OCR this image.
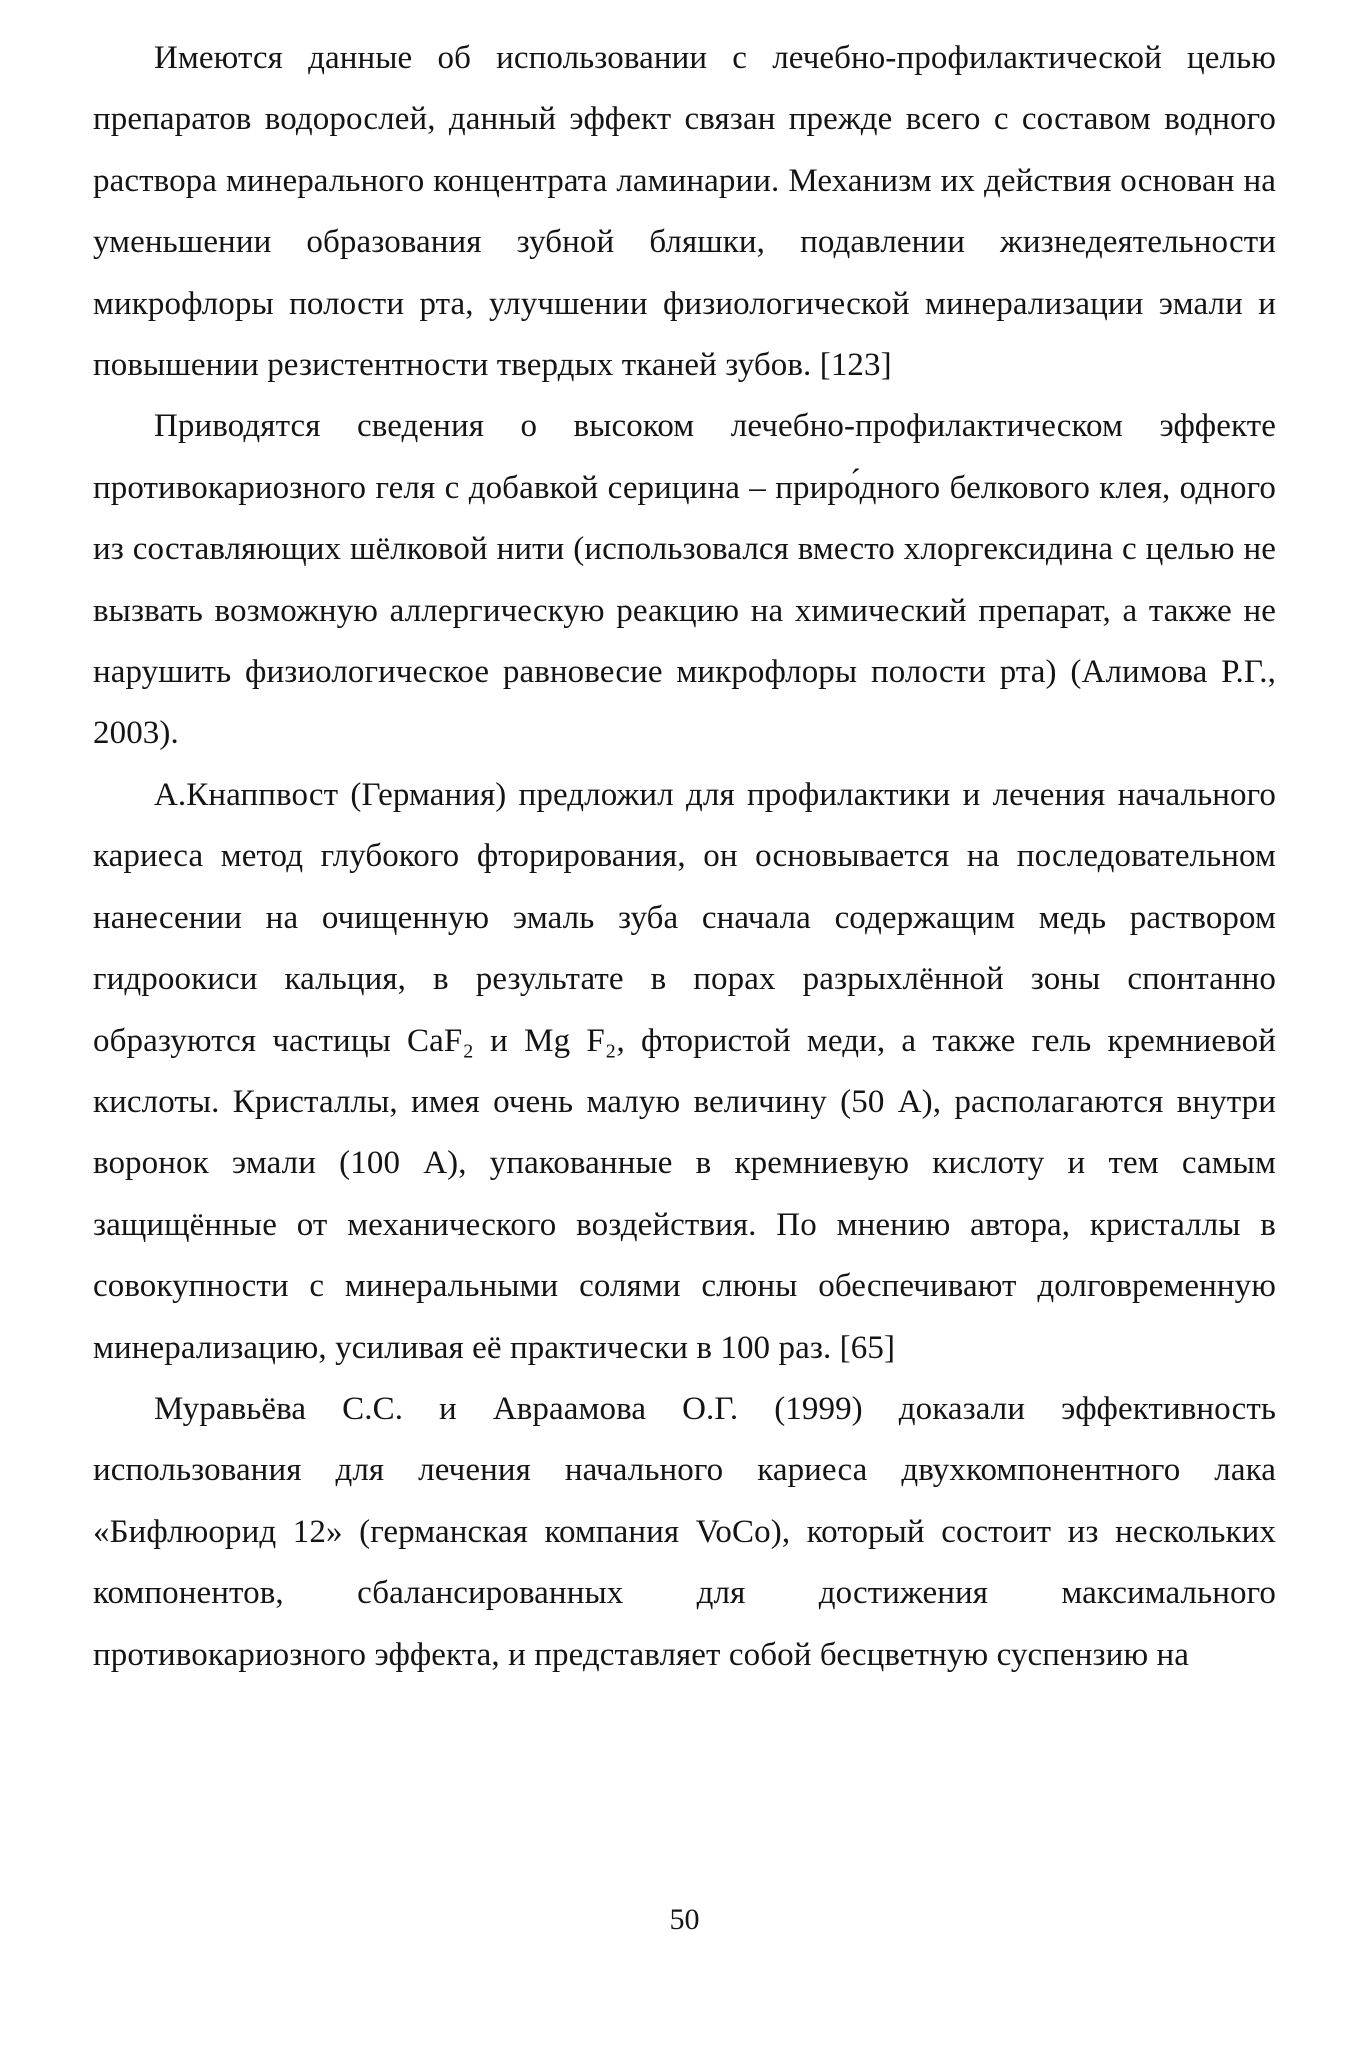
Имеются данные об использовании с лечебно-профилактической целью препаратов водорослей, данный эффект связан прежде всего с составом водного раствора минерального концентрата ламинарии. Механизм их действия основан на уменьшении образования зубной бляшки, подавлении жизнедеятельности микрофлоры полости рта, улучшении физиологической минерализации эмали и повышении резистентности твердых тканей зубов. [123]

Приводятся сведения о высоком лечебно-профилактическом эффекте противокариозного геля с добавкой серицина – приро́дного белкового клея, одного из составляющих шёлковой нити (использовался вместо хлоргексидина с целью не вызвать возможную аллергическую реакцию на химический препарат, а также не нарушить физиологическое равновесие микрофлоры полости рта) (Алимова Р.Г., 2003).

А.Кнаппвост (Германия) предложил для профилактики и лечения начального кариеса метод глубокого фторирования, он основывается на последовательном нанесении на очищенную эмаль зуба сначала содержащим медь раствором гидроокиси кальция, в результате в порах разрыхлённой зоны спонтанно образуются частицы CaF₂ и Mg F₂, фтористой меди, а также гель кремниевой кислоты. Кристаллы, имея очень малую величину (50 А), располагаются внутри воронок эмали (100 А), упакованные в кремниевую кислоту и тем самым защищённые от механического воздействия. По мнению автора, кристаллы в совокупности с минеральными солями слюны обеспечивают долговременную минерализацию, усиливая её практически в 100 раз. [65]

Муравьёва С.С. и Авраамова О.Г. (1999) доказали эффективность использования для лечения начального кариеса двухкомпонентного лака «Бифлюорид 12» (германская компания VoCo), который состоит из нескольких компонентов, сбалансированных для достижения максимального противокариозного эффекта, и представляет собой бесцветную суспензию на

50
